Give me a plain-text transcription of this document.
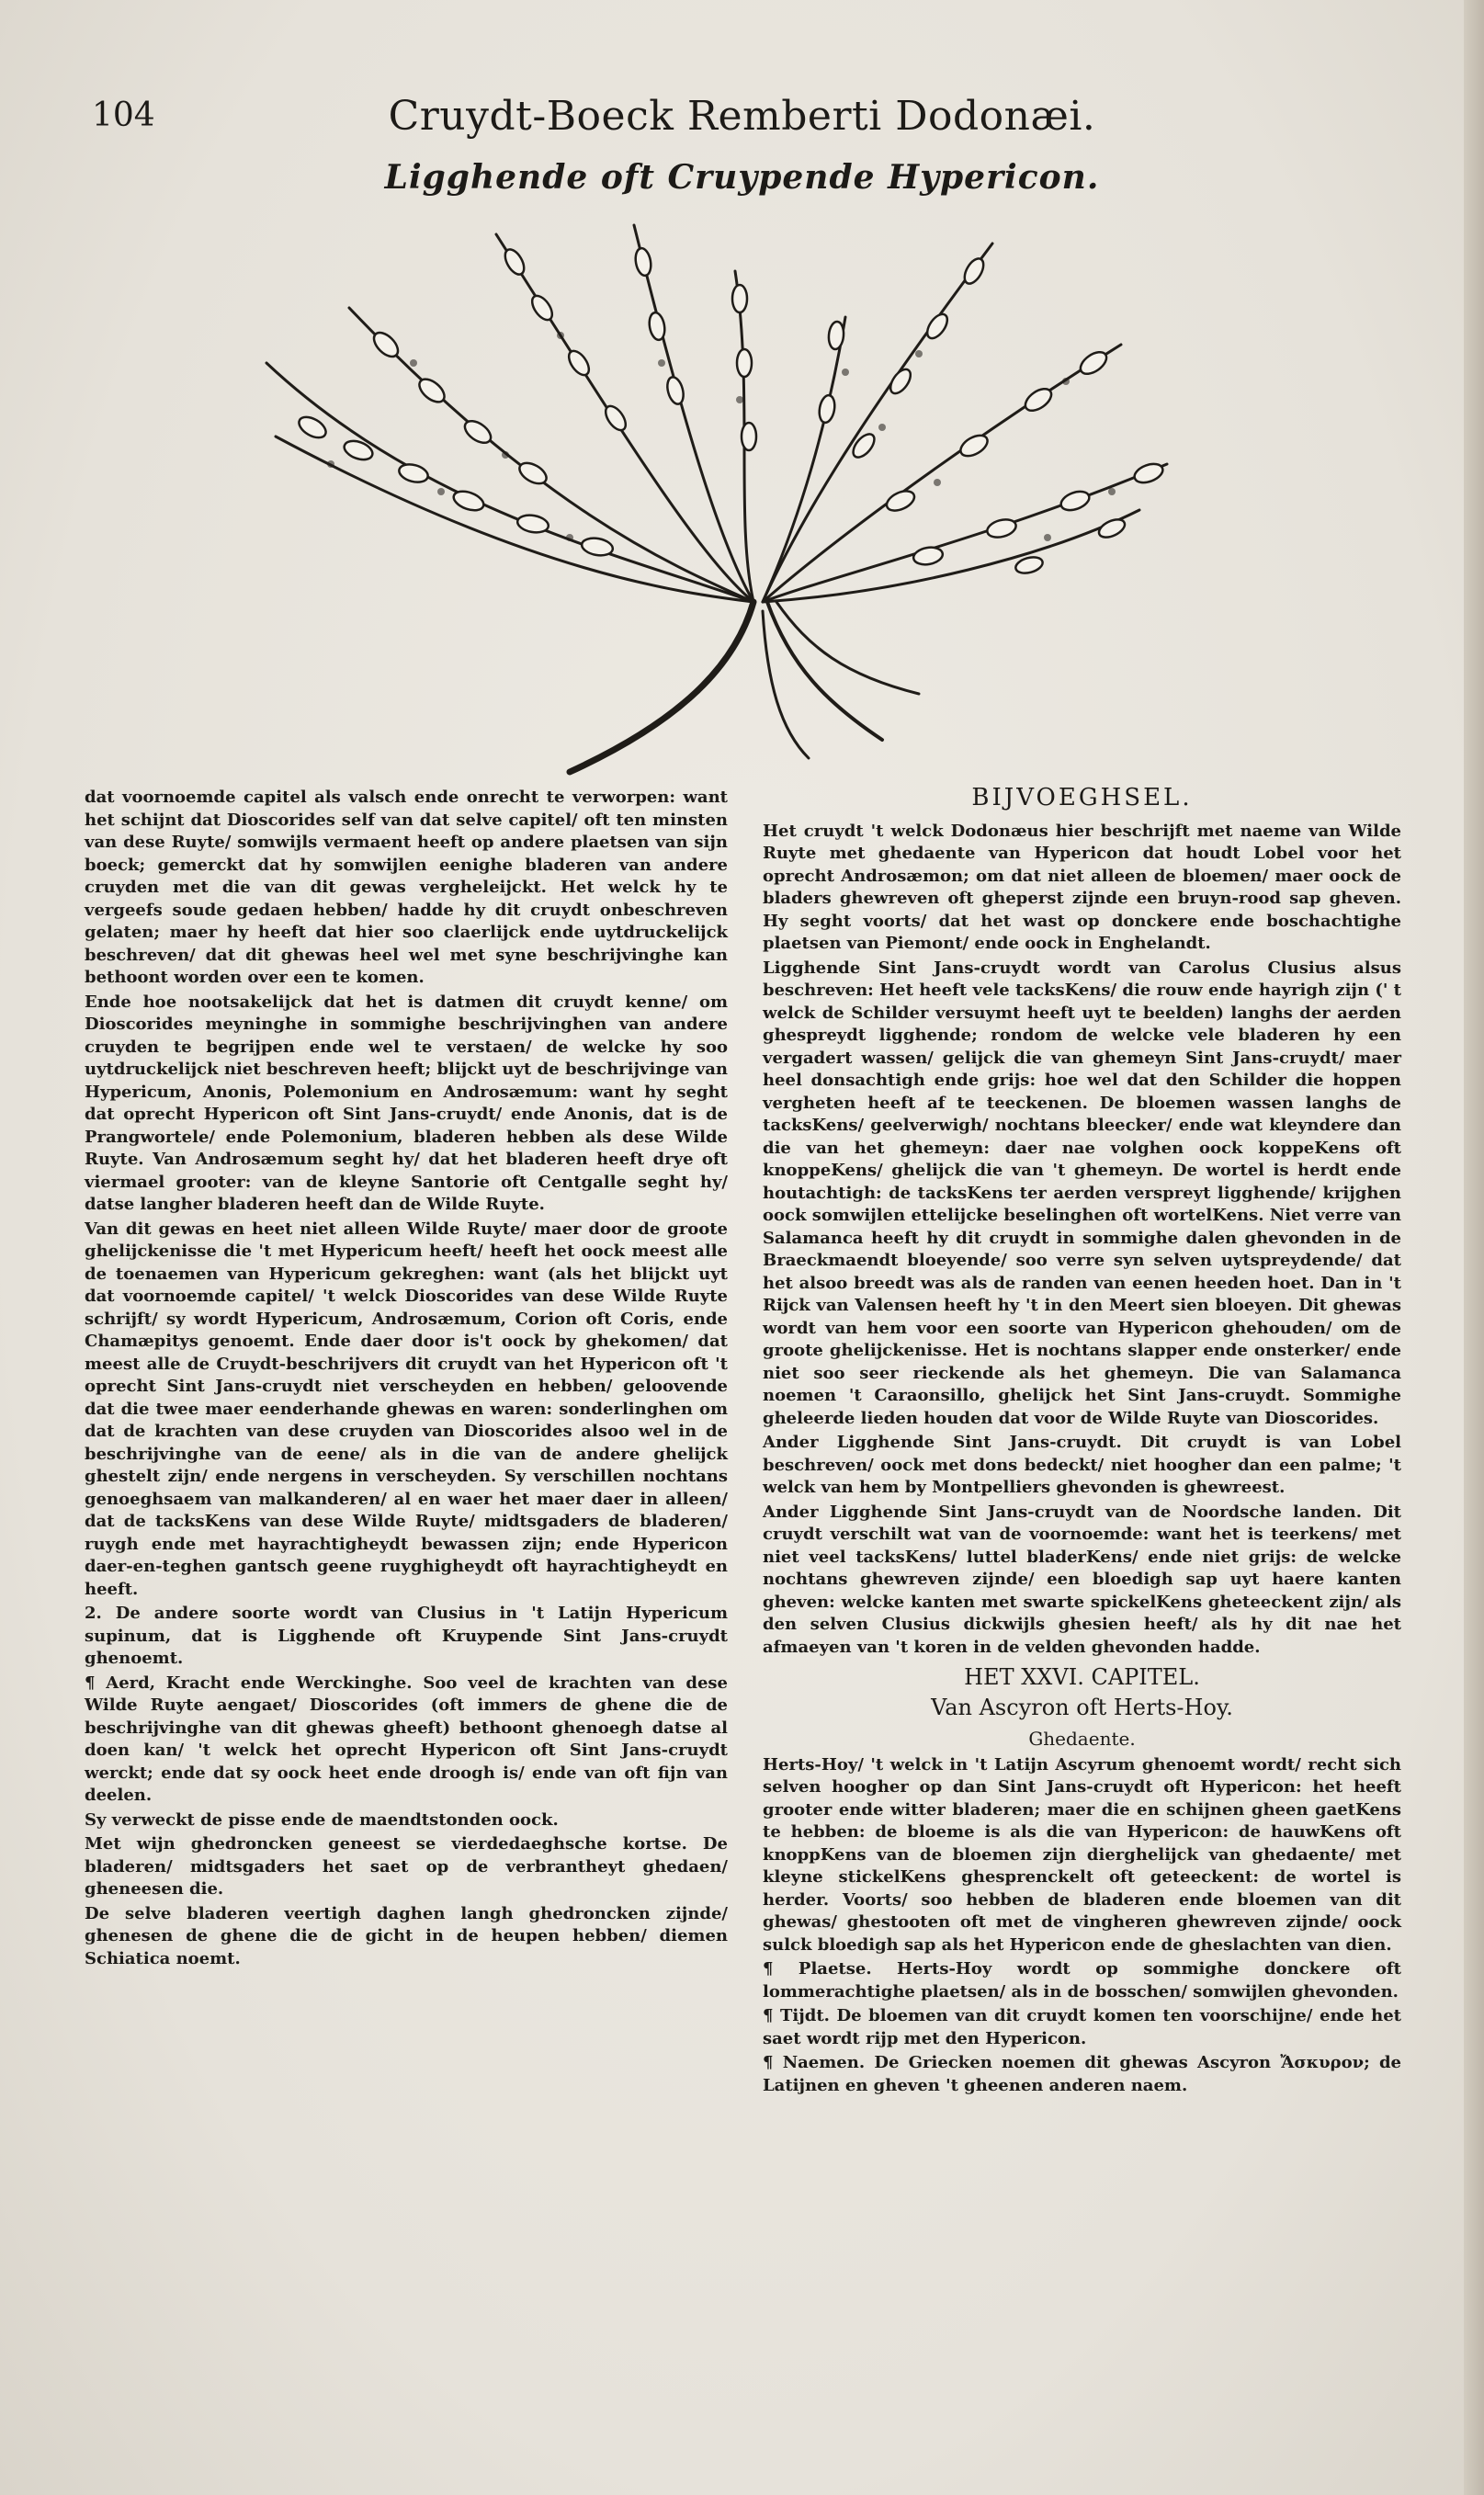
104	Cruydt-Boeck Remberti Dodonæi.
Ligghende oft Cruypende Hypericon.

dat voornoemde capitel als valsch ende onrecht te verworpen: want het schijnt dat Dioscorides self van dat selve capitel/ oft ten minsten van dese Ruyte/ somwijls vermaent heeft op andere plaetsen van sijn boeck; gemerckt dat hy somwijlen eenighe bladeren van andere cruyden met die van dit gewas vergheleijckt. Het welck hy te vergeefs soude gedaen hebben/ hadde hy dit cruydt onbeschreven gelaten; maer hy heeft dat hier soo claerlijck ende uytdruckelijck beschreven/ dat dit ghewas heel wel met syne beschrijvinghe kan bethoont worden over een te komen.

Ende hoe nootsakelijck dat het is datmen dit cruydt kenne/ om Dioscorides meyninghe in sommighe beschrijvinghen van andere cruyden te begrijpen ende wel te verstaen/ de welcke hy soo uytdruckelijck niet beschreven heeft; blijckt uyt de beschrijvinge van Hypericum, Anonis, Polemonium en Androsæmum: want hy seght dat oprecht Hypericon oft Sint Jans-cruydt/ ende Anonis, dat is de Prangwortele/ ende Polemonium, bladeren hebben als dese Wilde Ruyte. Van Androsæmum seght hy/ dat het bladeren heeft drye oft viermael grooter: van de kleyne Santorie oft Centgalle seght hy/ datse langher bladeren heeft dan de Wilde Ruyte.

Van dit gewas en heet niet alleen Wilde Ruyte/ maer door de groote ghelijckenisse die 't met Hypericum heeft/ heeft het oock meest alle de toenaemen van Hypericum gekreghen: want (als het blijckt uyt dat voornoemde capitel/ 't welck Dioscorides van dese Wilde Ruyte schrijft/ sy wordt Hypericum, Androsæmum, Corion oft Coris, ende Chamæpitys genoemt. Ende daer door is't oock by ghekomen/ dat meest alle de Cruydt-beschrijvers dit cruydt van het Hypericon oft 't oprecht Sint Jans-cruydt niet verscheyden en hebben/ geloovende dat die twee maer eenderhande ghewas en waren: sonderlinghen om dat de krachten van dese cruyden van Dioscorides alsoo wel in de beschrijvinghe van de eene/ als in die van de andere ghelijck ghestelt zijn/ ende nergens in verscheyden. Sy verschillen nochtans genoeghsaem van malkanderen/ al en waer het maer daer in alleen/ dat de tacksKens van dese Wilde Ruyte/ midtsgaders de bladeren/ ruygh ende met hayrachtigheydt bewassen zijn; ende Hypericon daer-en-teghen gantsch geene ruyghigheydt oft hayrachtigheydt en heeft.

2. De andere soorte wordt van Clusius in 't Latijn Hypericum supinum, dat is Ligghende oft Kruypende Sint Jans-cruydt ghenoemt.

¶ Aerd, Kracht ende Werckinghe. Soo veel de krachten van dese Wilde Ruyte aengaet/ Dioscorides (oft immers de ghene die de beschrijvinghe van dit ghewas gheeft) bethoont ghenoegh datse al doen kan/ 't welck het oprecht Hypericon oft Sint Jans-cruydt werckt; ende dat sy oock heet ende droogh is/ ende van oft fijn van deelen.

Sy verweckt de pisse ende de maendtstonden oock.

Met wijn ghedroncken geneest se vierdedaeghsche kortse. De bladeren/ midtsgaders het saet op de verbrantheyt ghedaen/ gheneesen die.

De selve bladeren veertigh daghen langh ghedroncken zijnde/ ghenesen de ghene die de gicht in de heupen hebben/ diemen Schiatica noemt.

BIJVOEGHSEL.

Het cruydt 't welck Dodonæus hier beschrijft met naeme van Wilde Ruyte met ghedaente van Hypericon dat houdt Lobel voor het oprecht Androsæmon; om dat niet alleen de bloemen/ maer oock de bladers ghewreven oft gheperst zijnde een bruyn-rood sap gheven. Hy seght voorts/ dat het wast op donckere ende boschachtighe plaetsen van Piemont/ ende oock in Enghelandt.

Ligghende Sint Jans-cruydt wordt van Carolus Clusius alsus beschreven: Het heeft vele tacksKens/ die rouw ende hayrigh zijn (' t welck de Schilder versuymt heeft uyt te beelden) langhs der aerden ghespreydt ligghende; rondom de welcke vele bladeren hy een vergadert wassen/ gelijck die van ghemeyn Sint Jans-cruydt/ maer heel donsachtigh ende grijs: hoe wel dat den Schilder die hoppen vergheten heeft af te teeckenen. De bloemen wassen langhs de tacksKens/ geelverwigh/ nochtans bleecker/ ende wat kleyndere dan die van het ghemeyn: daer nae volghen oock koppeKens oft knoppeKens/ ghelijck die van 't ghemeyn. De wortel is herdt ende houtachtigh: de tacksKens ter aerden verspreyt ligghende/ krijghen oock somwijlen ettelijcke beselinghen oft wortelKens. Niet verre van Salamanca heeft hy dit cruydt in sommighe dalen ghevonden in de Braeckmaendt bloeyende/ soo verre syn selven uytspreydende/ dat het alsoo breedt was als de randen van eenen heeden hoet. Dan in 't Rijck van Valensen heeft hy 't in den Meert sien bloeyen. Dit ghewas wordt van hem voor een soorte van Hypericon ghehouden/ om de groote ghelijckenisse. Het is nochtans slapper ende onsterker/ ende niet soo seer rieckende als het ghemeyn. Die van Salamanca noemen 't Caraonsillo, ghelijck het Sint Jans-cruydt. Sommighe gheleerde lieden houden dat voor de Wilde Ruyte van Dioscorides.

Ander Ligghende Sint Jans-cruydt. Dit cruydt is van Lobel beschreven/ oock met dons bedeckt/ niet hoogher dan een palme; 't welck van hem by Montpelliers ghevonden is ghewreest.

Ander Ligghende Sint Jans-cruydt van de Noordsche landen. Dit cruydt verschilt wat van de voornoemde: want het is teerkens/ met niet veel tacksKens/ luttel bladerKens/ ende niet grijs: de welcke nochtans ghewreven zijnde/ een bloedigh sap uyt haere kanten gheven: welcke kanten met swarte spickelKens gheteeckent zijn/ als den selven Clusius dickwijls ghesien heeft/ als hy dit nae het afmaeyen van 't koren in de velden ghevonden hadde.

HET XXVI. CAPITEL.

Van Ascyron oft Herts-Hoy.

Ghedaente.

Herts-Hoy/ 't welck in 't Latijn Ascyrum ghenoemt wordt/ recht sich selven hoogher op dan Sint Jans-cruydt oft Hypericon: het heeft grooter ende witter bladeren; maer die en schijnen gheen gaetKens te hebben: de bloeme is als die van Hypericon: de hauwKens oft knoppKens van de bloemen zijn dierghelijck van ghedaente/ met kleyne stickelKens ghesprenckelt oft geteeckent: de wortel is herder. Voorts/ soo hebben de bladeren ende bloemen van dit ghewas/ ghestooten oft met de vingheren ghewreven zijnde/ oock sulck bloedigh sap als het Hypericon ende de gheslachten van dien.

¶ Plaetse. Herts-Hoy wordt op sommighe donckere oft lommerachtighe plaetsen/ als in de bosschen/ somwijlen ghevonden.

¶ Tijdt. De bloemen van dit cruydt komen ten voorschijne/ ende het saet wordt rijp met den Hypericon.

¶ Naemen. De Griecken noemen dit ghewas Ascyron Ἄσκυρον; de Latijnen en gheven 't gheenen anderen naem.
